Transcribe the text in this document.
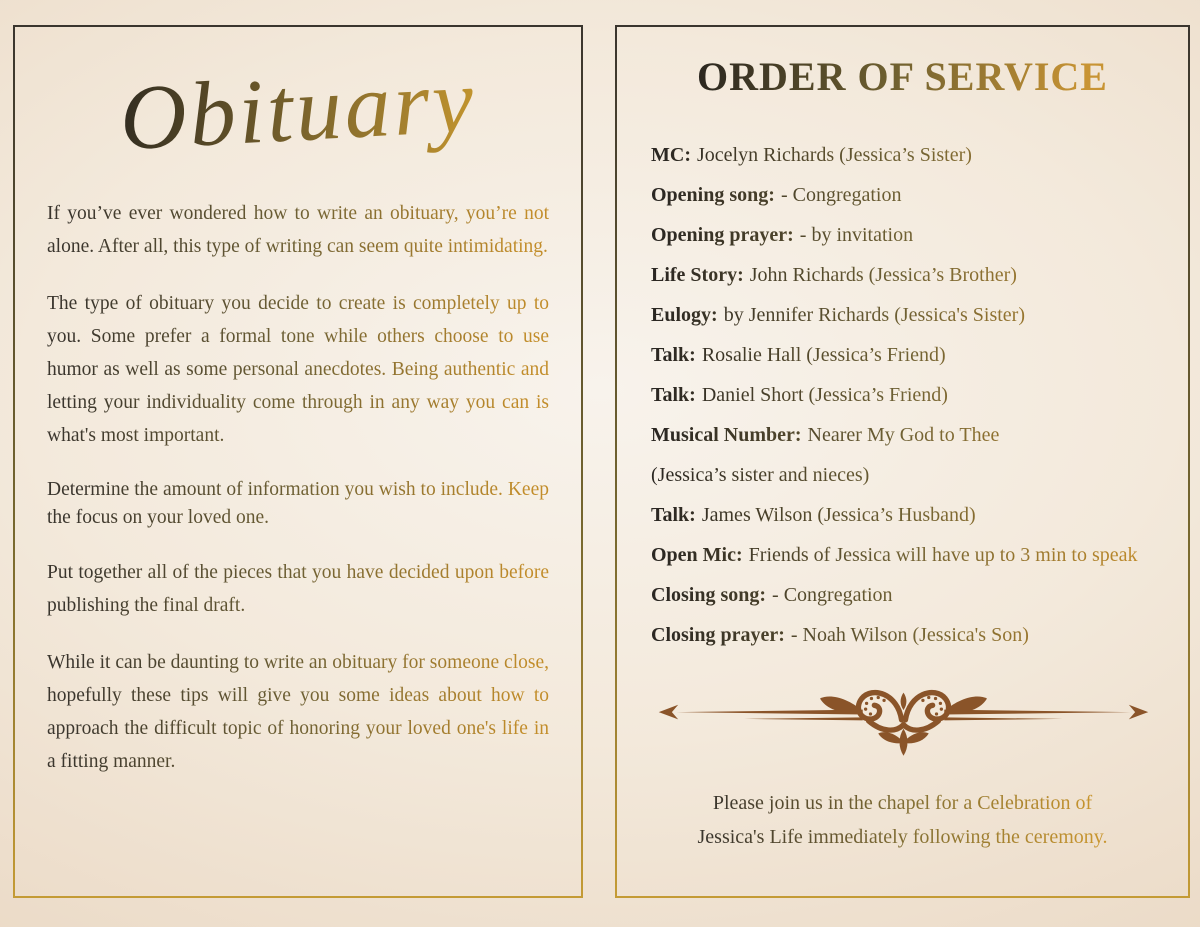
Obituary
If you’ve ever wondered how to write an obituary, you’re not alone. After all, this type of writing can seem quite intimidating.
The type of obituary you decide to create is completely up to you. Some prefer a formal tone while others choose to use humor as well as some personal anecdotes. Being authentic and letting your individuality come through in any way you can is what's most important.
Determine the amount of information you wish to include. Keep the focus on your loved one.
Put together all of the pieces that you have decided upon before publishing the final draft.
While it can be daunting to write an obituary for someone close, hopefully these tips will give you some ideas about how to approach the difficult topic of honoring your loved one's life in a fitting manner.
ORDER OF SERVICE
MC: Jocelyn Richards (Jessica’s Sister)
Opening song: - Congregation
Opening prayer: - by invitation
Life Story: John Richards (Jessica’s Brother)
Eulogy: by Jennifer Richards (Jessica's Sister)
Talk: Rosalie Hall (Jessica’s Friend)
Talk: Daniel Short (Jessica’s Friend)
Musical Number: Nearer My God to Thee
(Jessica’s sister and nieces)
Talk: James Wilson (Jessica’s Husband)
Open Mic: Friends of Jessica will have up to 3 min to speak
Closing song: - Congregation
Closing prayer: - Noah Wilson (Jessica's Son)
Please join us in the chapel for a Celebration of
Jessica's Life immediately following the ceremony.
